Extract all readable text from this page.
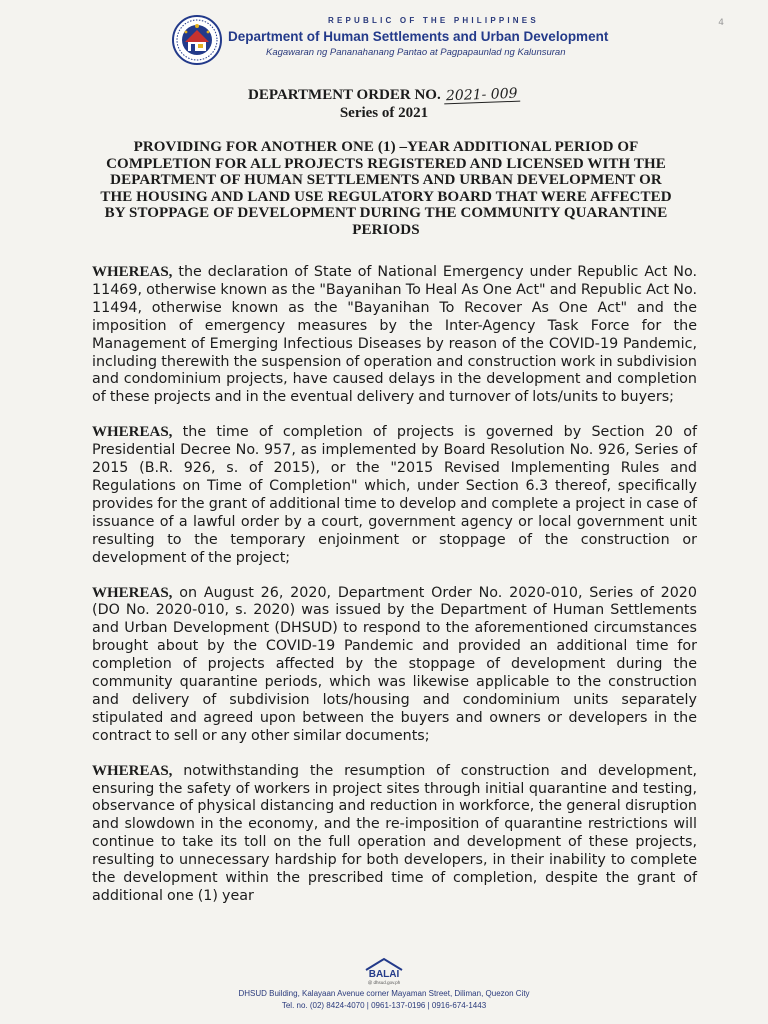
REPUBLIC OF THE PHILIPPINES
Department of Human Settlements and Urban Development
Kagawaran ng Pananahanang Pantao at Pagpapaunlad ng Kalunsuran
4
DEPARTMENT ORDER NO. 2021- 009
Series of 2021
PROVIDING FOR ANOTHER ONE (1) –YEAR ADDITIONAL PERIOD OF COMPLETION FOR ALL PROJECTS REGISTERED AND LICENSED WITH THE DEPARTMENT OF HUMAN SETTLEMENTS AND URBAN DEVELOPMENT OR THE HOUSING AND LAND USE REGULATORY BOARD THAT WERE AFFECTED BY STOPPAGE OF DEVELOPMENT DURING THE COMMUNITY QUARANTINE PERIODS

WHEREAS, the declaration of State of National Emergency under Republic Act No. 11469, otherwise known as the "Bayanihan To Heal As One Act" and Republic Act No. 11494, otherwise known as the "Bayanihan To Recover As One Act" and the imposition of emergency measures by the Inter-Agency Task Force for the Management of Emerging Infectious Diseases by reason of the COVID-19 Pandemic, including therewith the suspension of operation and construction work in subdivision and condominium projects, have caused delays in the development and completion of these projects and in the eventual delivery and turnover of lots/units to buyers;

WHEREAS, the time of completion of projects is governed by Section 20 of Presidential Decree No. 957, as implemented by Board Resolution No. 926, Series of 2015 (B.R. 926, s. of 2015), or the "2015 Revised Implementing Rules and Regulations on Time of Completion" which, under Section 6.3 thereof, specifically provides for the grant of additional time to develop and complete a project in case of issuance of a lawful order by a court, government agency or local government unit resulting to the temporary enjoinment or stoppage of the construction or development of the project;

WHEREAS, on August 26, 2020, Department Order No. 2020-010, Series of 2020 (DO No. 2020-010, s. 2020) was issued by the Department of Human Settlements and Urban Development (DHSUD) to respond to the aforementioned circumstances brought about by the COVID-19 Pandemic and provided an additional time for completion of projects affected by the stoppage of development during the community quarantine periods, which was likewise applicable to the construction and delivery of subdivision lots/housing and condominium units separately stipulated and agreed upon between the buyers and owners or developers in the contract to sell or any other similar documents;

WHEREAS, notwithstanding the resumption of construction and development, ensuring the safety of workers in project sites through initial quarantine and testing, observance of physical distancing and reduction in workforce, the general disruption and slowdown in the economy, and the re-imposition of quarantine restrictions will continue to take its toll on the full operation and development of these projects, resulting to unnecessary hardship for both developers, in their inability to complete the development within the prescribed time of completion, despite the grant of additional one (1) year

BALAI
@ dhsud.gov.ph
DHSUD Building, Kalayaan Avenue corner Mayaman Street, Diliman, Quezon City
Tel. no. (02) 8424-4070 | 0961-137-0196 | 0916-674-1443
